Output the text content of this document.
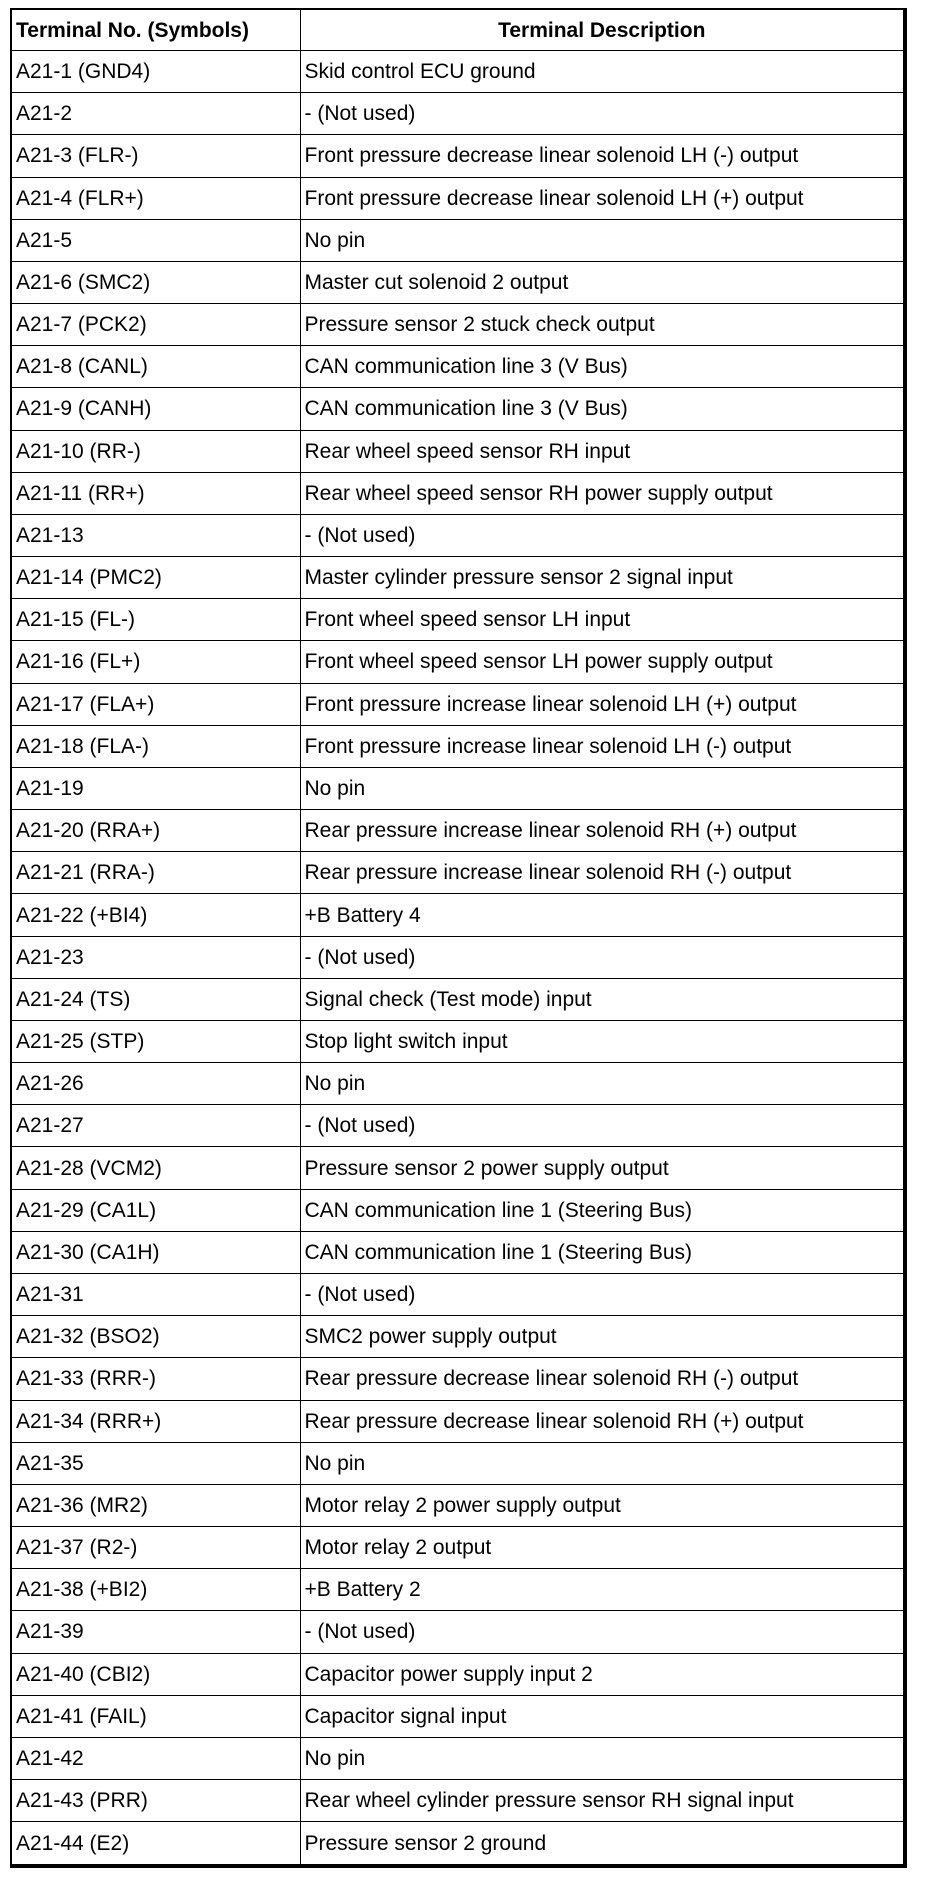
Terminal No. (Symbols)	Terminal Description
A21-1 (GND4)	Skid control ECU ground
A21-2	- (Not used)
A21-3 (FLR-)	Front pressure decrease linear solenoid LH (-) output
A21-4 (FLR+)	Front pressure decrease linear solenoid LH (+) output
A21-5	No pin
A21-6 (SMC2)	Master cut solenoid 2 output
A21-7 (PCK2)	Pressure sensor 2 stuck check output
A21-8 (CANL)	CAN communication line 3 (V Bus)
A21-9 (CANH)	CAN communication line 3 (V Bus)
A21-10 (RR-)	Rear wheel speed sensor RH input
A21-11 (RR+)	Rear wheel speed sensor RH power supply output
A21-13	- (Not used)
A21-14 (PMC2)	Master cylinder pressure sensor 2 signal input
A21-15 (FL-)	Front wheel speed sensor LH input
A21-16 (FL+)	Front wheel speed sensor LH power supply output
A21-17 (FLA+)	Front pressure increase linear solenoid LH (+) output
A21-18 (FLA-)	Front pressure increase linear solenoid LH (-) output
A21-19	No pin
A21-20 (RRA+)	Rear pressure increase linear solenoid RH (+) output
A21-21 (RRA-)	Rear pressure increase linear solenoid RH (-) output
A21-22 (+BI4)	+B Battery 4
A21-23	- (Not used)
A21-24 (TS)	Signal check (Test mode) input
A21-25 (STP)	Stop light switch input
A21-26	No pin
A21-27	- (Not used)
A21-28 (VCM2)	Pressure sensor 2 power supply output
A21-29 (CA1L)	CAN communication line 1 (Steering Bus)
A21-30 (CA1H)	CAN communication line 1 (Steering Bus)
A21-31	- (Not used)
A21-32 (BSO2)	SMC2 power supply output
A21-33 (RRR-)	Rear pressure decrease linear solenoid RH (-) output
A21-34 (RRR+)	Rear pressure decrease linear solenoid RH (+) output
A21-35	No pin
A21-36 (MR2)	Motor relay 2 power supply output
A21-37 (R2-)	Motor relay 2 output
A21-38 (+BI2)	+B Battery 2
A21-39	- (Not used)
A21-40 (CBI2)	Capacitor power supply input 2
A21-41 (FAIL)	Capacitor signal input
A21-42	No pin
A21-43 (PRR)	Rear wheel cylinder pressure sensor RH signal input
A21-44 (E2)	Pressure sensor 2 ground
